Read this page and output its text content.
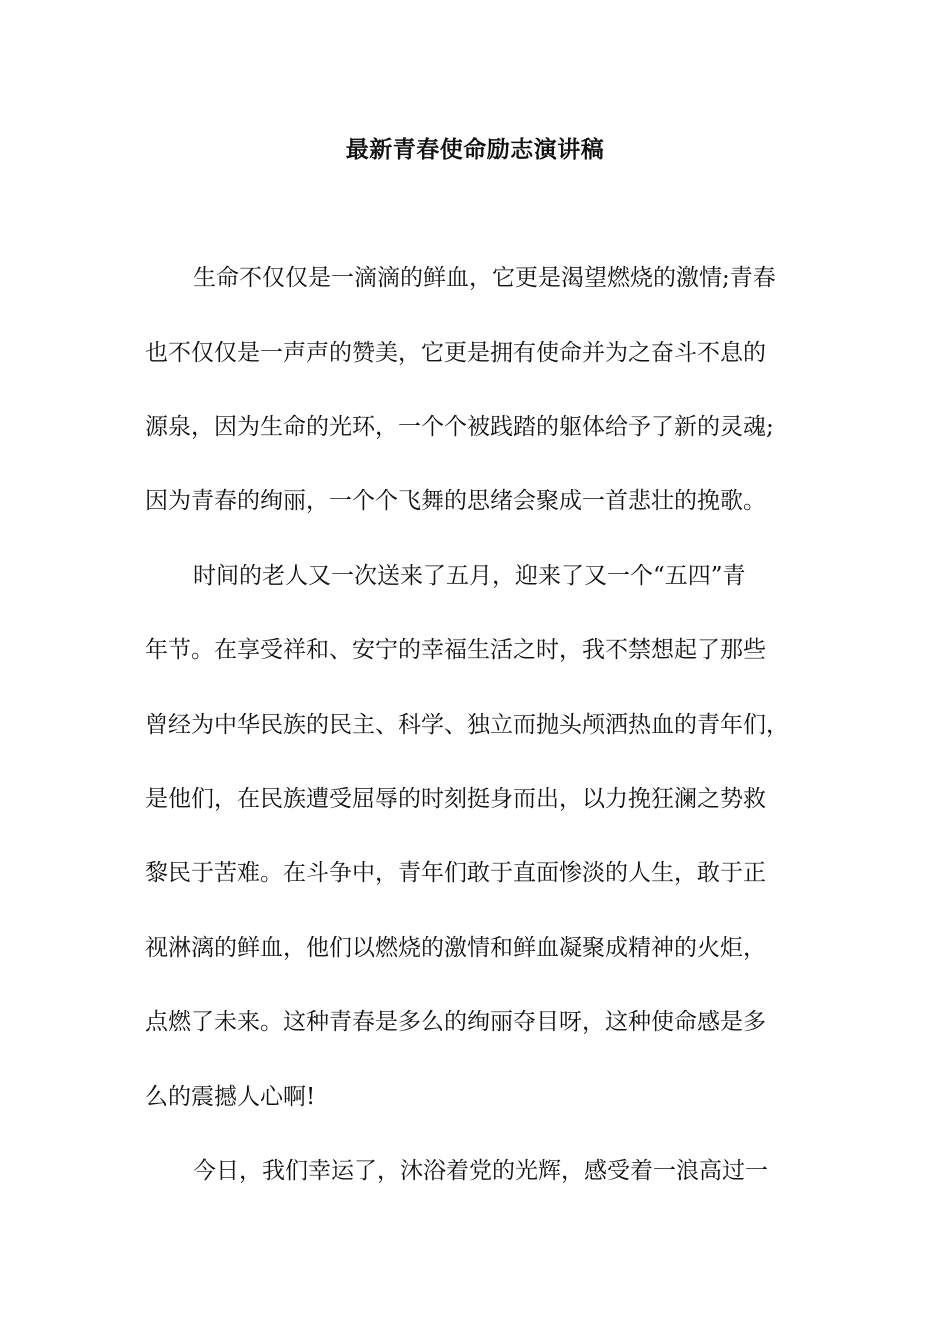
最新青春使命励志演讲稿
生命不仅仅是一滴滴的鲜血，它更是渴望燃烧的激情;青春
也不仅仅是一声声的赞美，它更是拥有使命并为之奋斗不息的
源泉，因为生命的光环，一个个被践踏的躯体给予了新的灵魂;
因为青春的绚丽，一个个飞舞的思绪会聚成一首悲壮的挽歌。
时间的老人又一次送来了五月，迎来了又一个“五四”青
年节。在享受祥和、安宁的幸福生活之时，我不禁想起了那些
曾经为中华民族的民主、科学、独立而抛头颅洒热血的青年们，
是他们，在民族遭受屈辱的时刻挺身而出，以力挽狂澜之势救
黎民于苦难。在斗争中，青年们敢于直面惨淡的人生，敢于正
视淋漓的鲜血，他们以燃烧的激情和鲜血凝聚成精神的火炬，
点燃了未来。这种青春是多么的绚丽夺目呀，这种使命感是多
么的震撼人心啊!
今日，我们幸运了，沐浴着党的光辉，感受着一浪高过一
